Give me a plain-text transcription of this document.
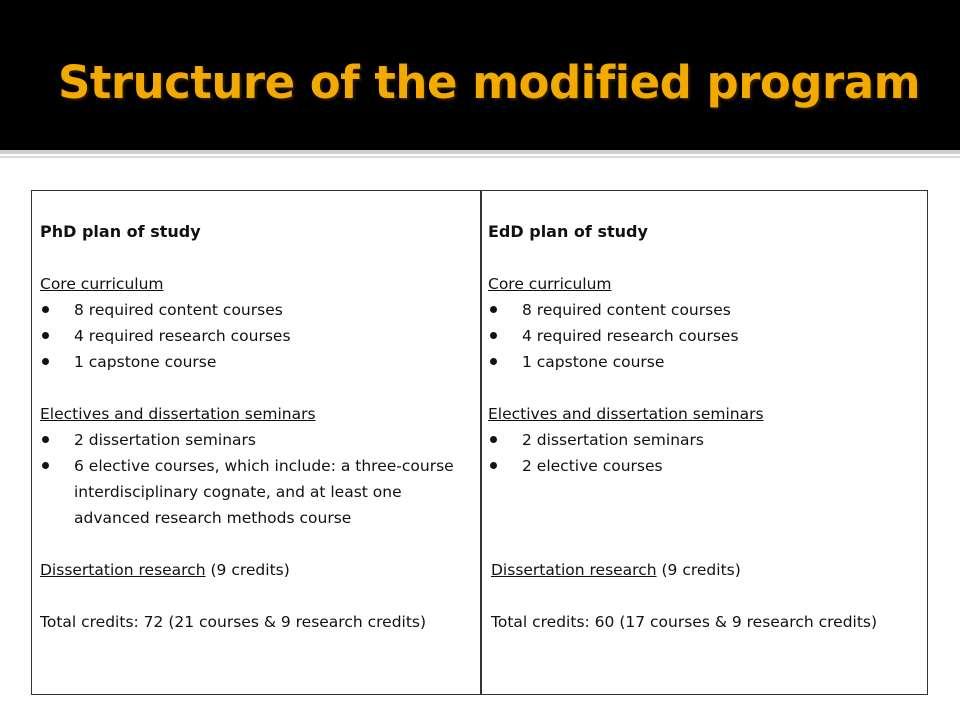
Structure of the modified program

PhD plan of study

Core curriculum
8 required content courses
4 required research courses
1 capstone course
Electives and dissertation seminars
2 dissertation seminars
6 elective courses, which include: a three-course interdisciplinary cognate, and at least one advanced research methods course
Dissertation research (9 credits)
Total credits: 72 (21 courses & 9 research credits)

EdD plan of study

Core curriculum
8 required content courses
4 required research courses
1 capstone course
Electives and dissertation seminars
2 dissertation seminars
2 elective courses
Dissertation research (9 credits)
Total credits: 60 (17 courses & 9 research credits)
